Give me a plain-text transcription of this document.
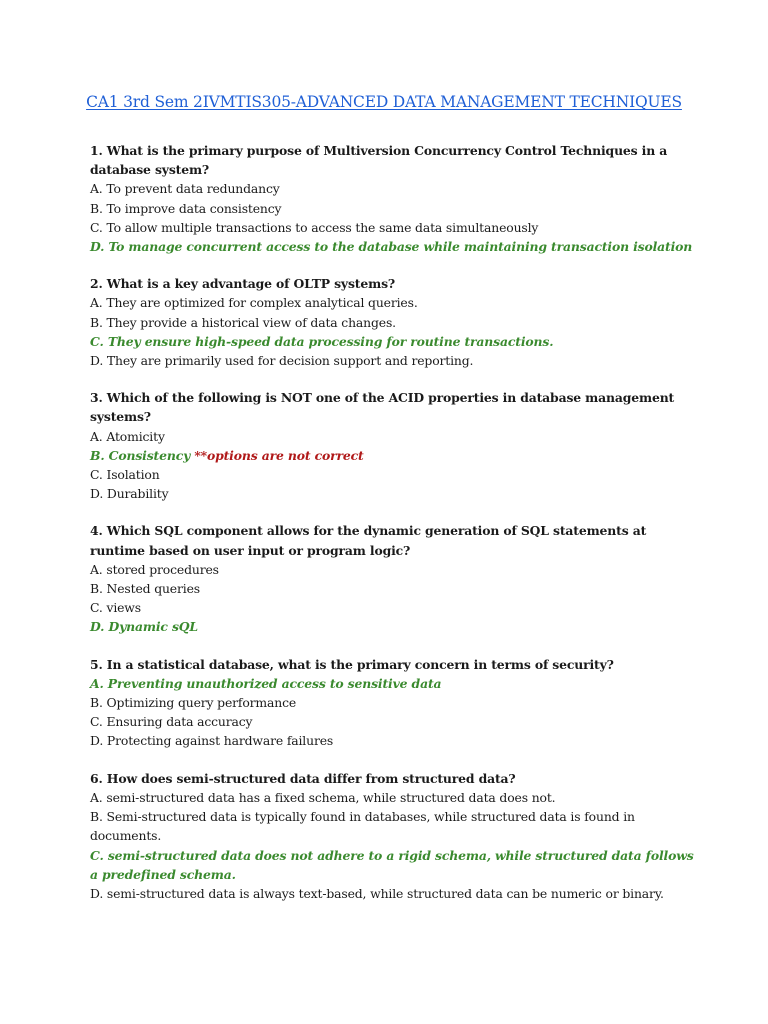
CA1 3rd Sem 2IVMTIS305-ADVANCED DATA MANAGEMENT TECHNIQUES
1. What is the primary purpose of Multiversion Concurrency Control Techniques in a database system?
A. To prevent data redundancy
B. To improve data consistency
C. To allow multiple transactions to access the same data simultaneously
D. To manage concurrent access to the database while maintaining transaction isolation
2. What is a key advantage of OLTP systems?
A. They are optimized for complex analytical queries.
B. They provide a historical view of data changes.
C. They ensure high-speed data processing for routine transactions.
D. They are primarily used for decision support and reporting.
3. Which of the following is NOT one of the ACID properties in database management systems?
A. Atomicity
B. Consistency **options are not correct
C. Isolation
D. Durability
4. Which SQL component allows for the dynamic generation of SQL statements at runtime based on user input or program logic?
A. stored procedures
B. Nested queries
C. views
D. Dynamic sQL
5. In a statistical database, what is the primary concern in terms of security?
A. Preventing unauthorized access to sensitive data
B. Optimizing query performance
C. Ensuring data accuracy
D. Protecting against hardware failures
6. How does semi-structured data differ from structured data?
A. semi-structured data has a fixed schema, while structured data does not.
B. Semi-structured data is typically found in databases, while structured data is found in documents.
C. semi-structured data does not adhere to a rigid schema, while structured data follows a predefined schema.
D. semi-structured data is always text-based, while structured data can be numeric or binary.
